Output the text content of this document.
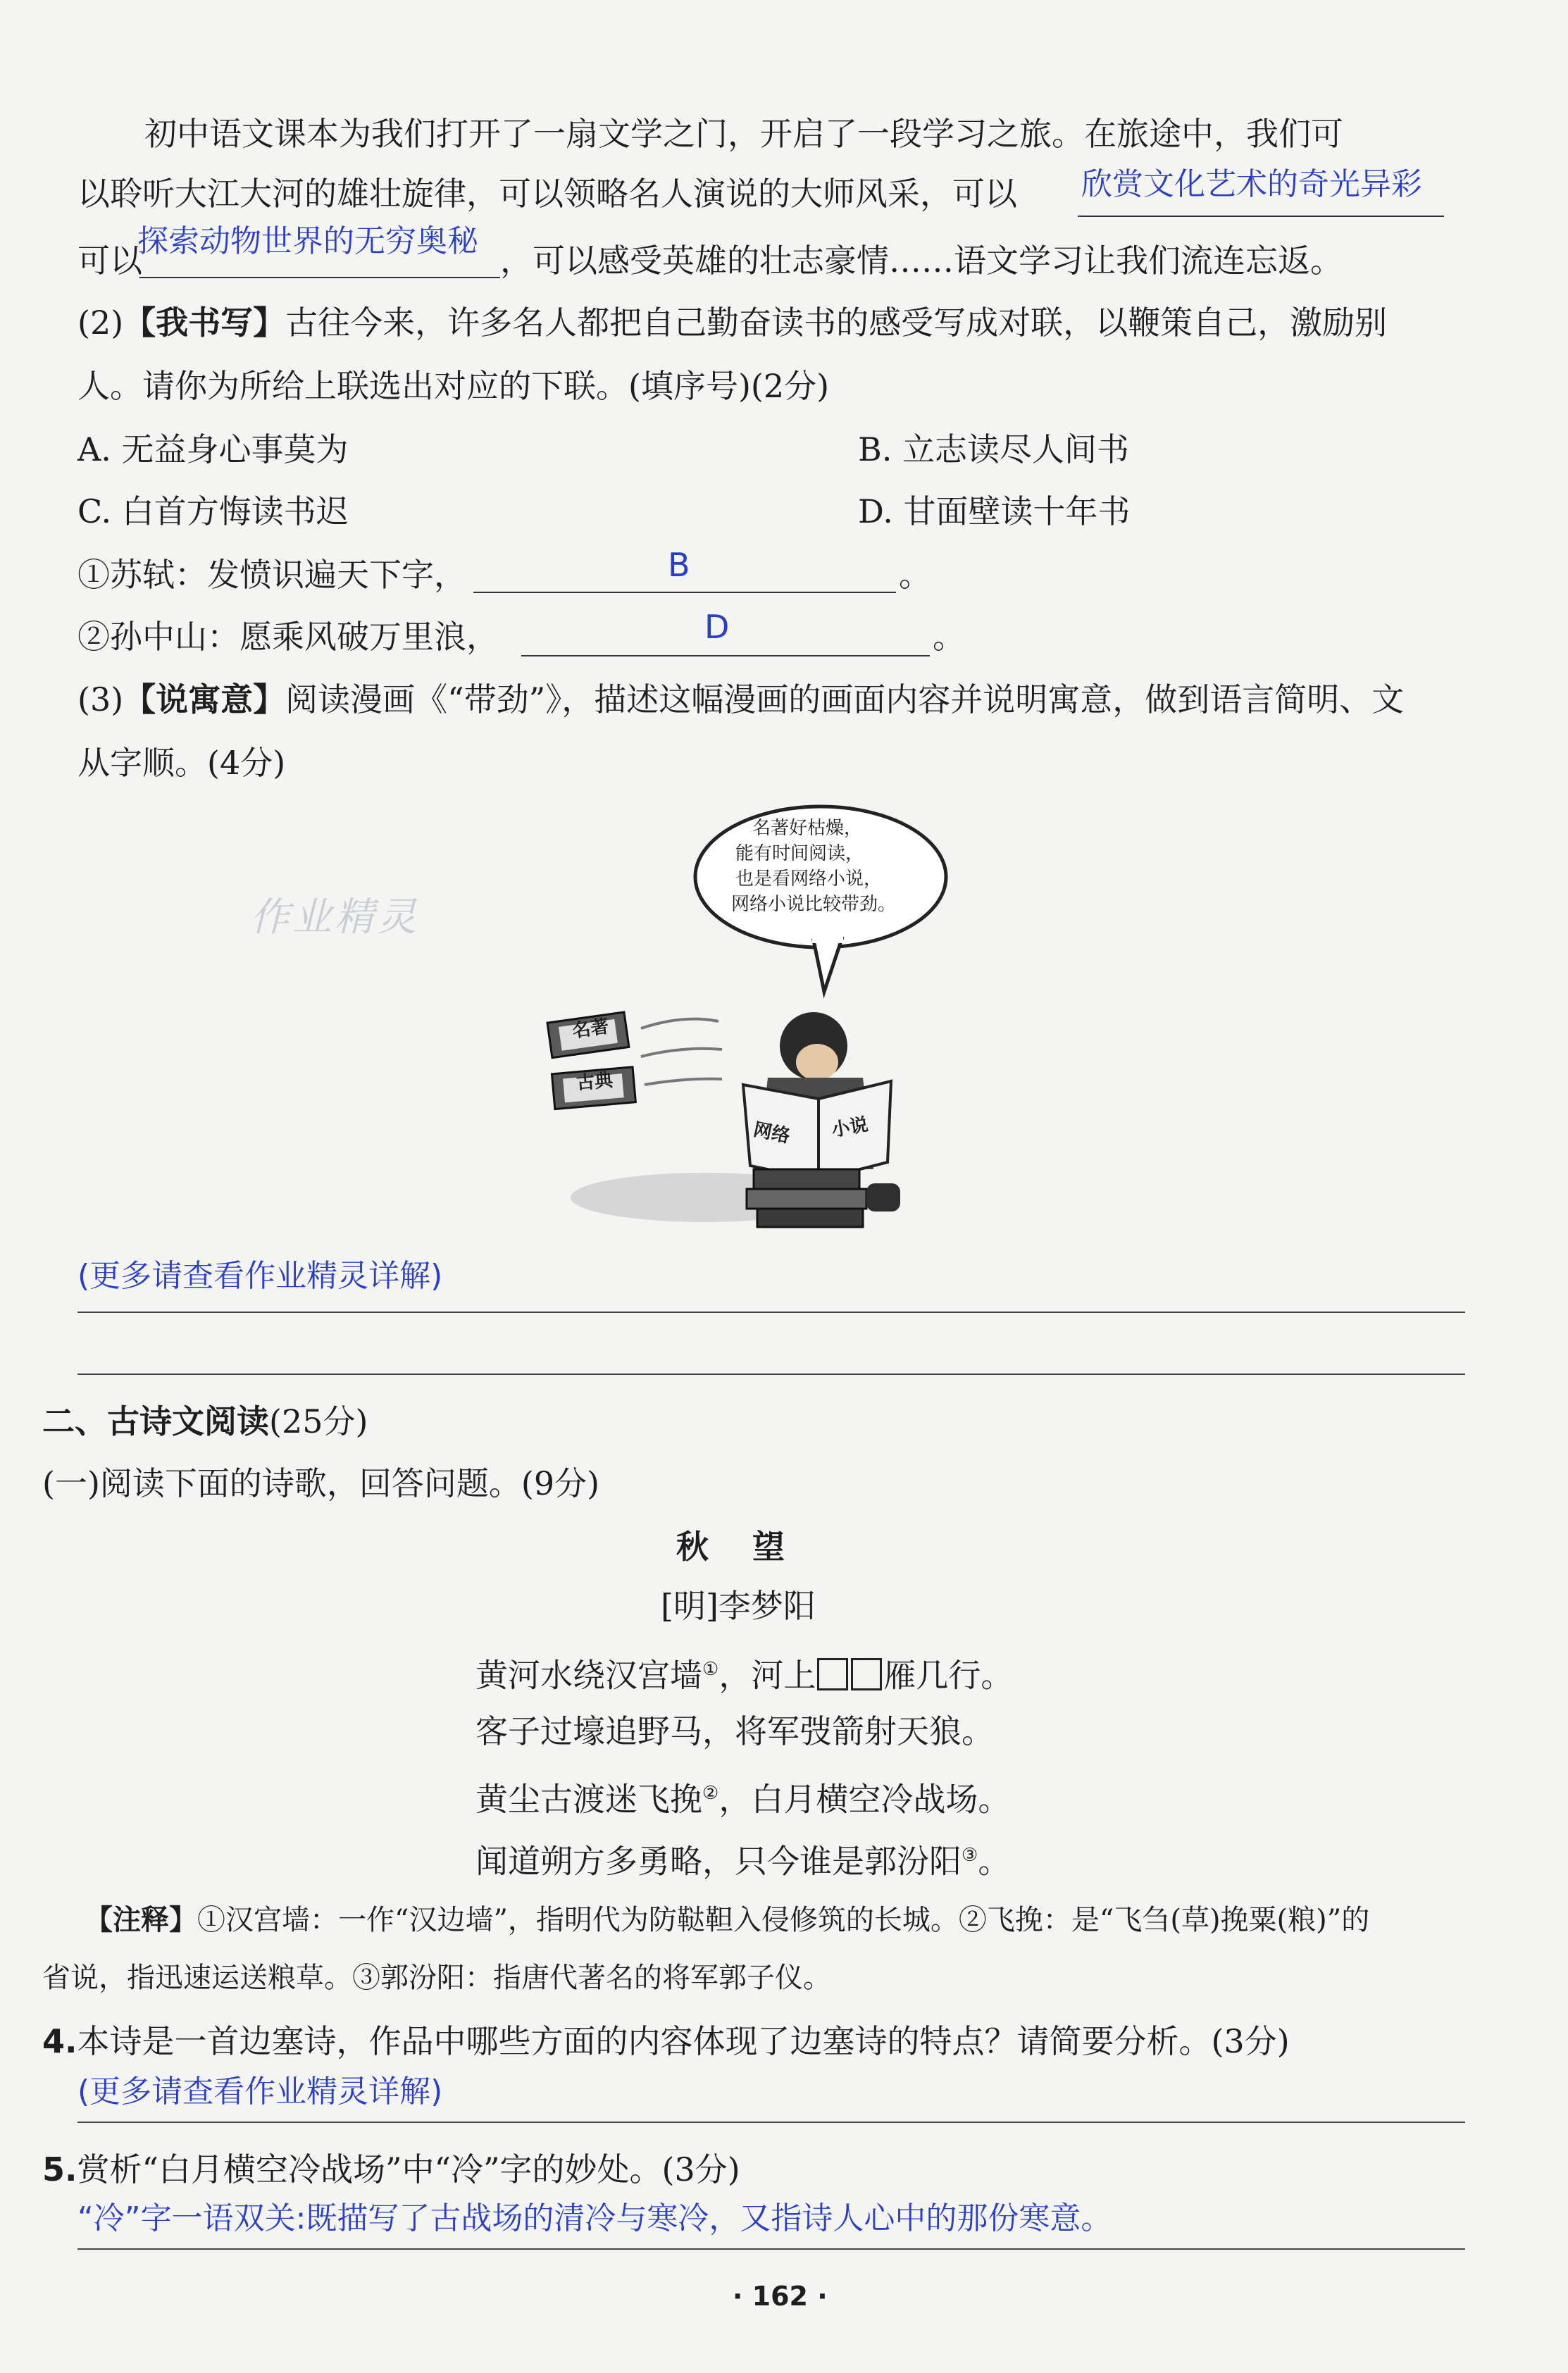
初中语文课本为我们打开了一扇文学之门，开启了一段学习之旅。在旅途中，我们可
以聆听大江大河的雄壮旋律，可以领略名人演说的大师风采，可以 欣赏文化艺术的奇光异彩
探索动物世界的无穷奥秘
可以	，可以感受英雄的壮志豪情……语文学习让我们流连忘返。
(2)【我书写】古往今来，许多名人都把自己勤奋读书的感受写成对联，以鞭策自己，激励别
人。请你为所给上联选出对应的下联。(填序号)(2分)
A. 无益身心事莫为	B. 立志读尽人间书
C. 白首方悔读书迟	D. 甘面壁读十年书
①苏轼：发愤识遍天下字，	B	。
②孙中山：愿乘风破万里浪，	D	。
(3)【说寓意】阅读漫画《“带劲”》，描述这幅漫画的画面内容并说明寓意，做到语言简明、文
从字顺。(4分)
作业精灵
名著好枯燥，
能有时间阅读，
也是看网络小说，
网络小说比较带劲。
名著
古典
网络 小说
(更多请查看作业精灵详解)
二、古诗文阅读(25分)
(一)阅读下面的诗歌，回答问题。(9分)
秋　望
[明]李梦阳
黄河水绕汉宫墙①，河上 雁几行。
客子过壕追野马，将军弢箭射天狼。
黄尘古渡迷飞挽②，白月横空冷战场。
闻道朔方多勇略，只今谁是郭汾阳③。
【注释】①汉宫墙：一作“汉边墙”，指明代为防鞑靼入侵修筑的长城。②飞挽：是“飞刍(草)挽粟(粮)”的
省说，指迅速运送粮草。③郭汾阳：指唐代著名的将军郭子仪。
4.本诗是一首边塞诗，作品中哪些方面的内容体现了边塞诗的特点？请简要分析。(3分)
(更多请查看作业精灵详解)
5.赏析“白月横空冷战场”中“冷”字的妙处。(3分)
“冷”字一语双关:既描写了古战场的清冷与寒冷，又指诗人心中的那份寒意。
· 162 ·
